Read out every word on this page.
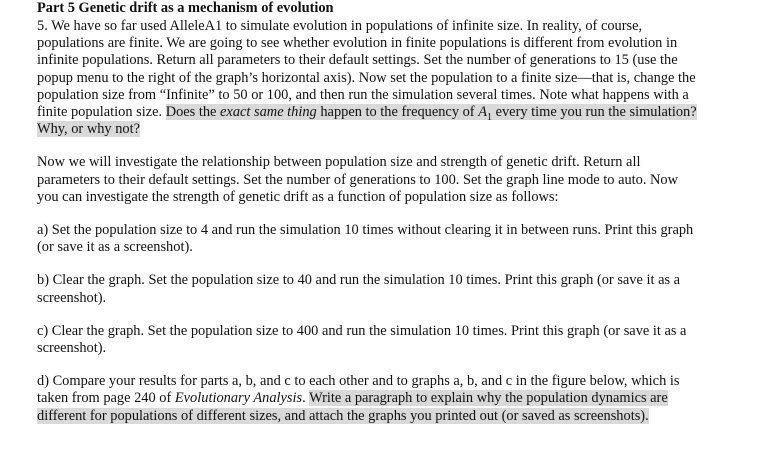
Part 5 Genetic drift as a mechanism of evolution

5. We have so far used AlleleA1 to simulate evolution in populations of infinite size. In reality, of course, populations are finite. We are going to see whether evolution in finite populations is different from evolution in infinite populations. Return all parameters to their default settings. Set the number of generations to 15 (use the popup menu to the right of the graph’s horizontal axis). Now set the population to a finite size—that is, change the population size from “Infinite” to 50 or 100, and then run the simulation several times. Note what happens with a finite population size. Does the exact same thing happen to the frequency of $A_1$ every time you run the simulation? Why, or why not?

Now we will investigate the relationship between population size and strength of genetic drift. Return all parameters to their default settings. Set the number of generations to 100. Set the graph line mode to auto. Now you can investigate the strength of genetic drift as a function of population size as follows:

a) Set the population size to 4 and run the simulation 10 times without clearing it in between runs. Print this graph (or save it as a screenshot).

b) Clear the graph. Set the population size to 40 and run the simulation 10 times. Print this graph (or save it as a screenshot).

c) Clear the graph. Set the population size to 400 and run the simulation 10 times. Print this graph (or save it as a screenshot).

d) Compare your results for parts a, b, and c to each other and to graphs a, b, and c in the figure below, which is taken from page 240 of Evolutionary Analysis. Write a paragraph to explain why the population dynamics are different for populations of different sizes, and attach the graphs you printed out (or saved as screenshots).
